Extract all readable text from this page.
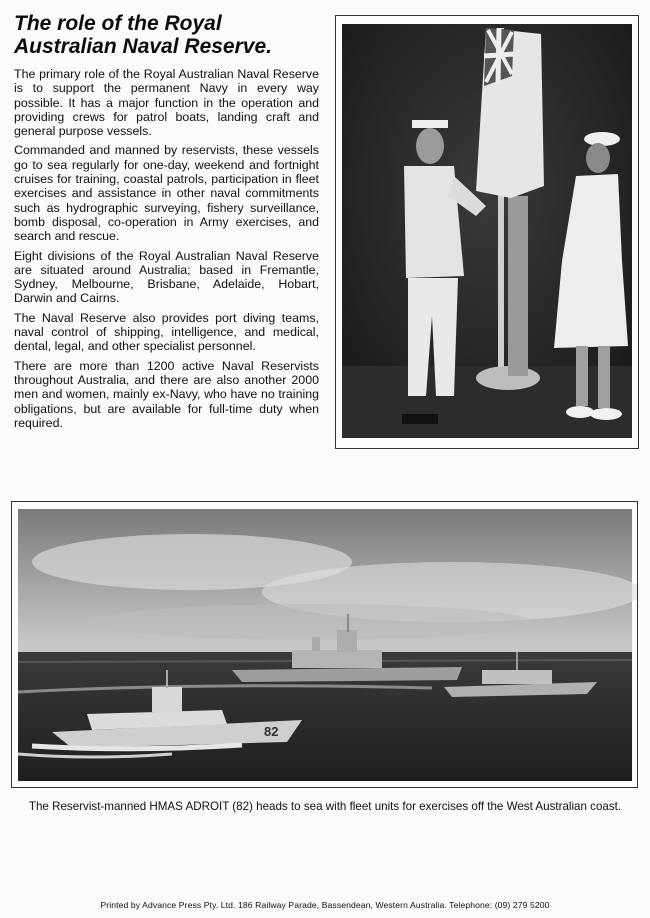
The role of the Royal Australian Naval Reserve.

The primary role of the Royal Australian Naval Reserve is to support the permanent Navy in every way possible. It has a major function in the operation and providing crews for patrol boats, landing craft and general purpose vessels.

Commanded and manned by reservists, these vessels go to sea regularly for one-day, weekend and fortnight cruises for training, coastal patrols, participation in fleet exercises and assistance in other naval commitments such as hydrographic surveying, fishery surveillance, bomb disposal, co-operation in Army exercises, and search and rescue.

Eight divisions of the Royal Australian Naval Reserve are situated around Australia; based in Fremantle, Sydney, Melbourne, Brisbane, Adelaide, Hobart, Darwin and Cairns.

The Naval Reserve also provides port diving teams, naval control of shipping, intelligence, and medical, dental, legal, and other specialist personnel.

There are more than 1200 active Naval Reservists throughout Australia, and there are also another 2000 men and women, mainly ex-Navy, who have no training obligations, but are available for full-time duty when required.

82
The Reservist-manned HMAS ADROIT (82) heads to sea with fleet units for exercises off the West Australian coast.
Printed by Advance Press Pty. Ltd. 186 Railway Parade, Bassendean, Western Australia. Telephone: (09) 279 5200
